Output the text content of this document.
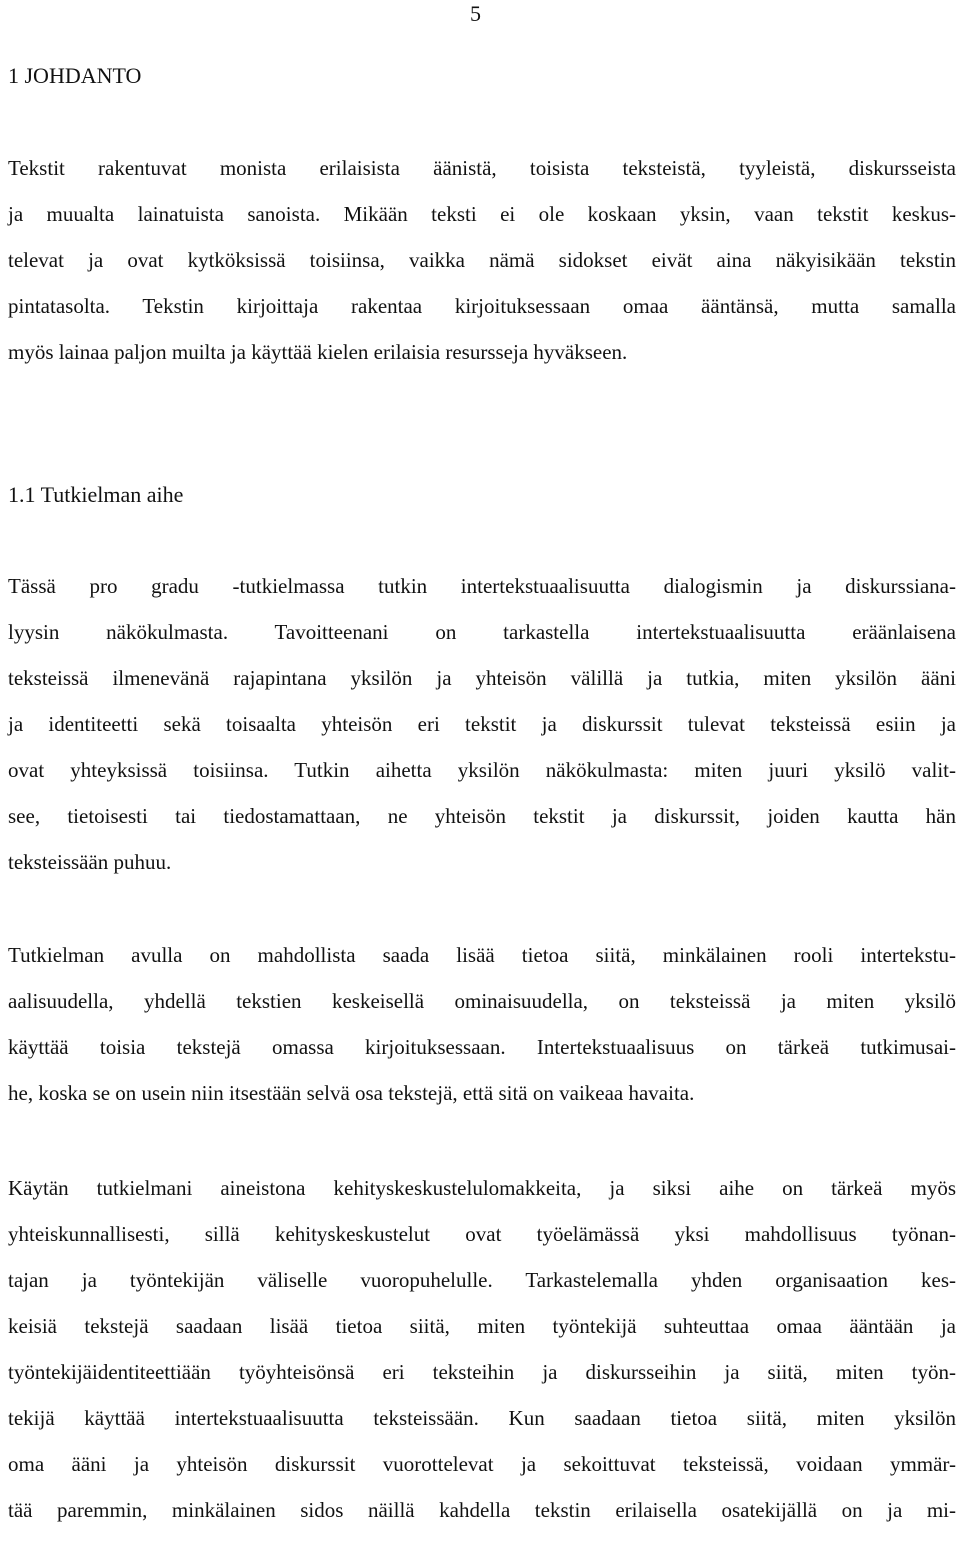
5
1 JOHDANTO
Tekstit rakentuvat monista erilaisista äänistä, toisista teksteistä, tyyleistä, diskursseista
ja muualta lainatuista sanoista. Mikään teksti ei ole koskaan yksin, vaan tekstit keskus-
televat ja ovat kytköksissä toisiinsa, vaikka nämä sidokset eivät aina näkyisikään tekstin
pintatasolta. Tekstin kirjoittaja rakentaa kirjoituksessaan omaa ääntänsä, mutta samalla
myös lainaa paljon muilta ja käyttää kielen erilaisia resursseja hyväkseen.
1.1 Tutkielman aihe
Tässä pro gradu -tutkielmassa tutkin intertekstuaalisuutta dialogismin ja diskurssiana-
lyysin näkökulmasta. Tavoitteenani on tarkastella intertekstuaalisuutta eräänlaisena
teksteissä ilmenevänä rajapintana yksilön ja yhteisön välillä ja tutkia, miten yksilön ääni
ja identiteetti sekä toisaalta yhteisön eri tekstit ja diskurssit tulevat teksteissä esiin ja
ovat yhteyksissä toisiinsa. Tutkin aihetta yksilön näkökulmasta: miten juuri yksilö valit-
see, tietoisesti tai tiedostamattaan, ne yhteisön tekstit ja diskurssit, joiden kautta hän
teksteissään puhuu.
Tutkielman avulla on mahdollista saada lisää tietoa siitä, minkälainen rooli intertekstu-
aalisuudella, yhdellä tekstien keskeisellä ominaisuudella, on teksteissä ja miten yksilö
käyttää toisia tekstejä omassa kirjoituksessaan. Intertekstuaalisuus on tärkeä tutkimusai-
he, koska se on usein niin itsestään selvä osa tekstejä, että sitä on vaikeaa havaita.
Käytän tutkielmani aineistona kehityskeskustelulomakkeita, ja siksi aihe on tärkeä myös
yhteiskunnallisesti, sillä kehityskeskustelut ovat työelämässä yksi mahdollisuus työnan-
tajan ja työntekijän väliselle vuoropuhelulle. Tarkastelemalla yhden organisaation kes-
keisiä tekstejä saadaan lisää tietoa siitä, miten työntekijä suhteuttaa omaa ääntään ja
työntekijäidentiteettiään työyhteisönsä eri teksteihin ja diskursseihin ja siitä, miten työn-
tekijä käyttää intertekstuaalisuutta teksteissään. Kun saadaan tietoa siitä, miten yksilön
oma ääni ja yhteisön diskurssit vuorottelevat ja sekoittuvat teksteissä, voidaan ymmär-
tää paremmin, minkälainen sidos näillä kahdella tekstin erilaisella osatekijällä on ja mi-
